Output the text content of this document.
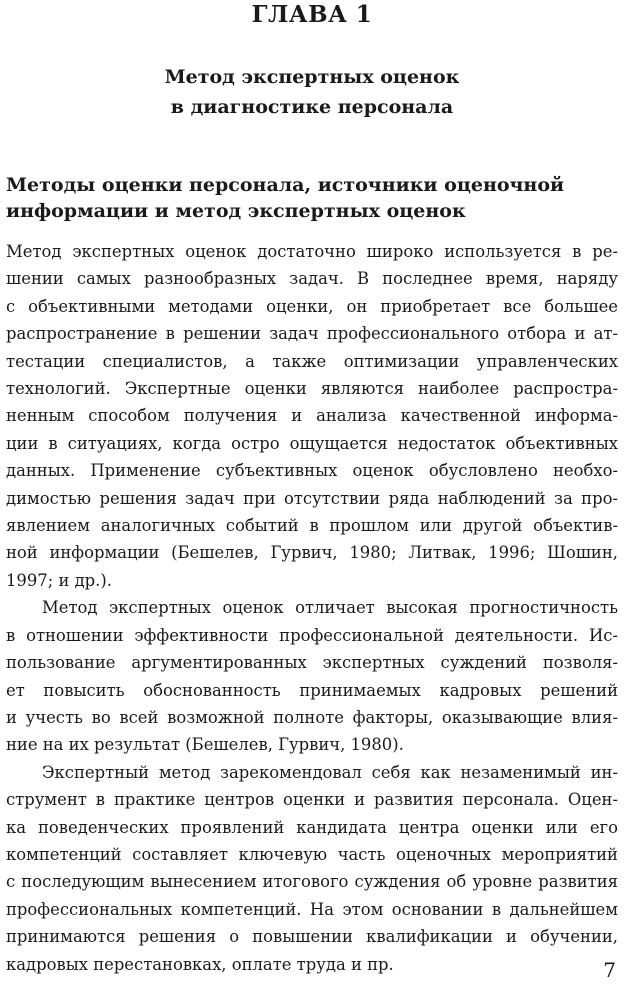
ГЛАВА 1
Метод экспертных оценок
в диагностике персонала
Методы оценки персонала, источники оценочной
информации и метод экспертных оценок
Метод экспертных оценок достаточно широко используется в ре-
шении самых разнообразных задач. В последнее время, наряду
с объективными методами оценки, он приобретает все большее
распространение в решении задач профессионального отбора и ат-
тестации специалистов, а также оптимизации управленческих
технологий. Экспертные оценки являются наиболее распростра-
ненным способом получения и анализа качественной информа-
ции в ситуациях, когда остро ощущается недостаток объективных
данных. Применение субъективных оценок обусловлено необхо-
димостью решения задач при отсутствии ряда наблюдений за про-
явлением аналогичных событий в прошлом или другой объектив-
ной информации (Бешелев, Гурвич, 1980; Литвак, 1996; Шошин,
1997; и др.).
Метод экспертных оценок отличает высокая прогностичность
в отношении эффективности профессиональной деятельности. Ис-
пользование аргументированных экспертных суждений позволя-
ет повысить обоснованность принимаемых кадровых решений
и учесть во всей возможной полноте факторы, оказывающие влия-
ние на их результат (Бешелев, Гурвич, 1980).
Экспертный метод зарекомендовал себя как незаменимый ин-
струмент в практике центров оценки и развития персонала. Оцен-
ка поведенческих проявлений кандидата центра оценки или его
компетенций составляет ключевую часть оценочных мероприятий
с последующим вынесением итогового суждения об уровне развития
профессиональных компетенций. На этом основании в дальнейшем
принимаются решения о повышении квалификации и обучении,
кадровых перестановках, оплате труда и пр.	7
